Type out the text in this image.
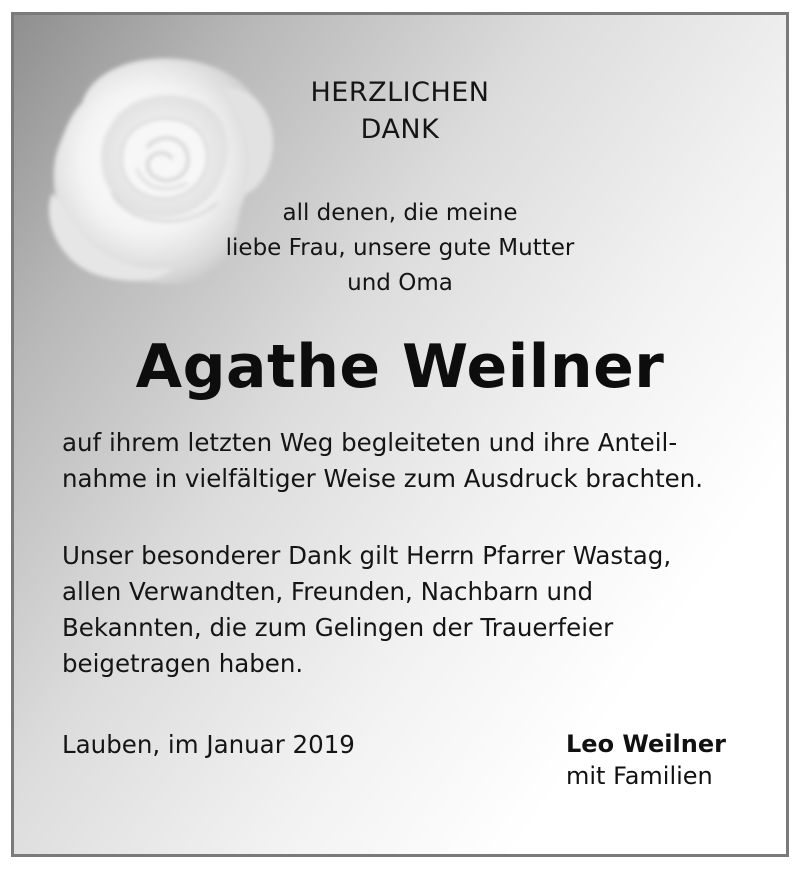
HERZLICHEN

DANK

all denen, die meine

liebe Frau, unsere gute Mutter

und Oma

Agathe Weilner

auf ihrem letzten Weg begleiteten und ihre Anteil-

nahme in vielfältiger Weise zum Ausdruck brachten.

Unser besonderer Dank gilt Herrn Pfarrer Wastag,

allen Verwandten, Freunden, Nachbarn und

Bekannten, die zum Gelingen der Trauerfeier

beigetragen haben.

Lauben, im Januar 2019	Leo Weilner

mit Familien
